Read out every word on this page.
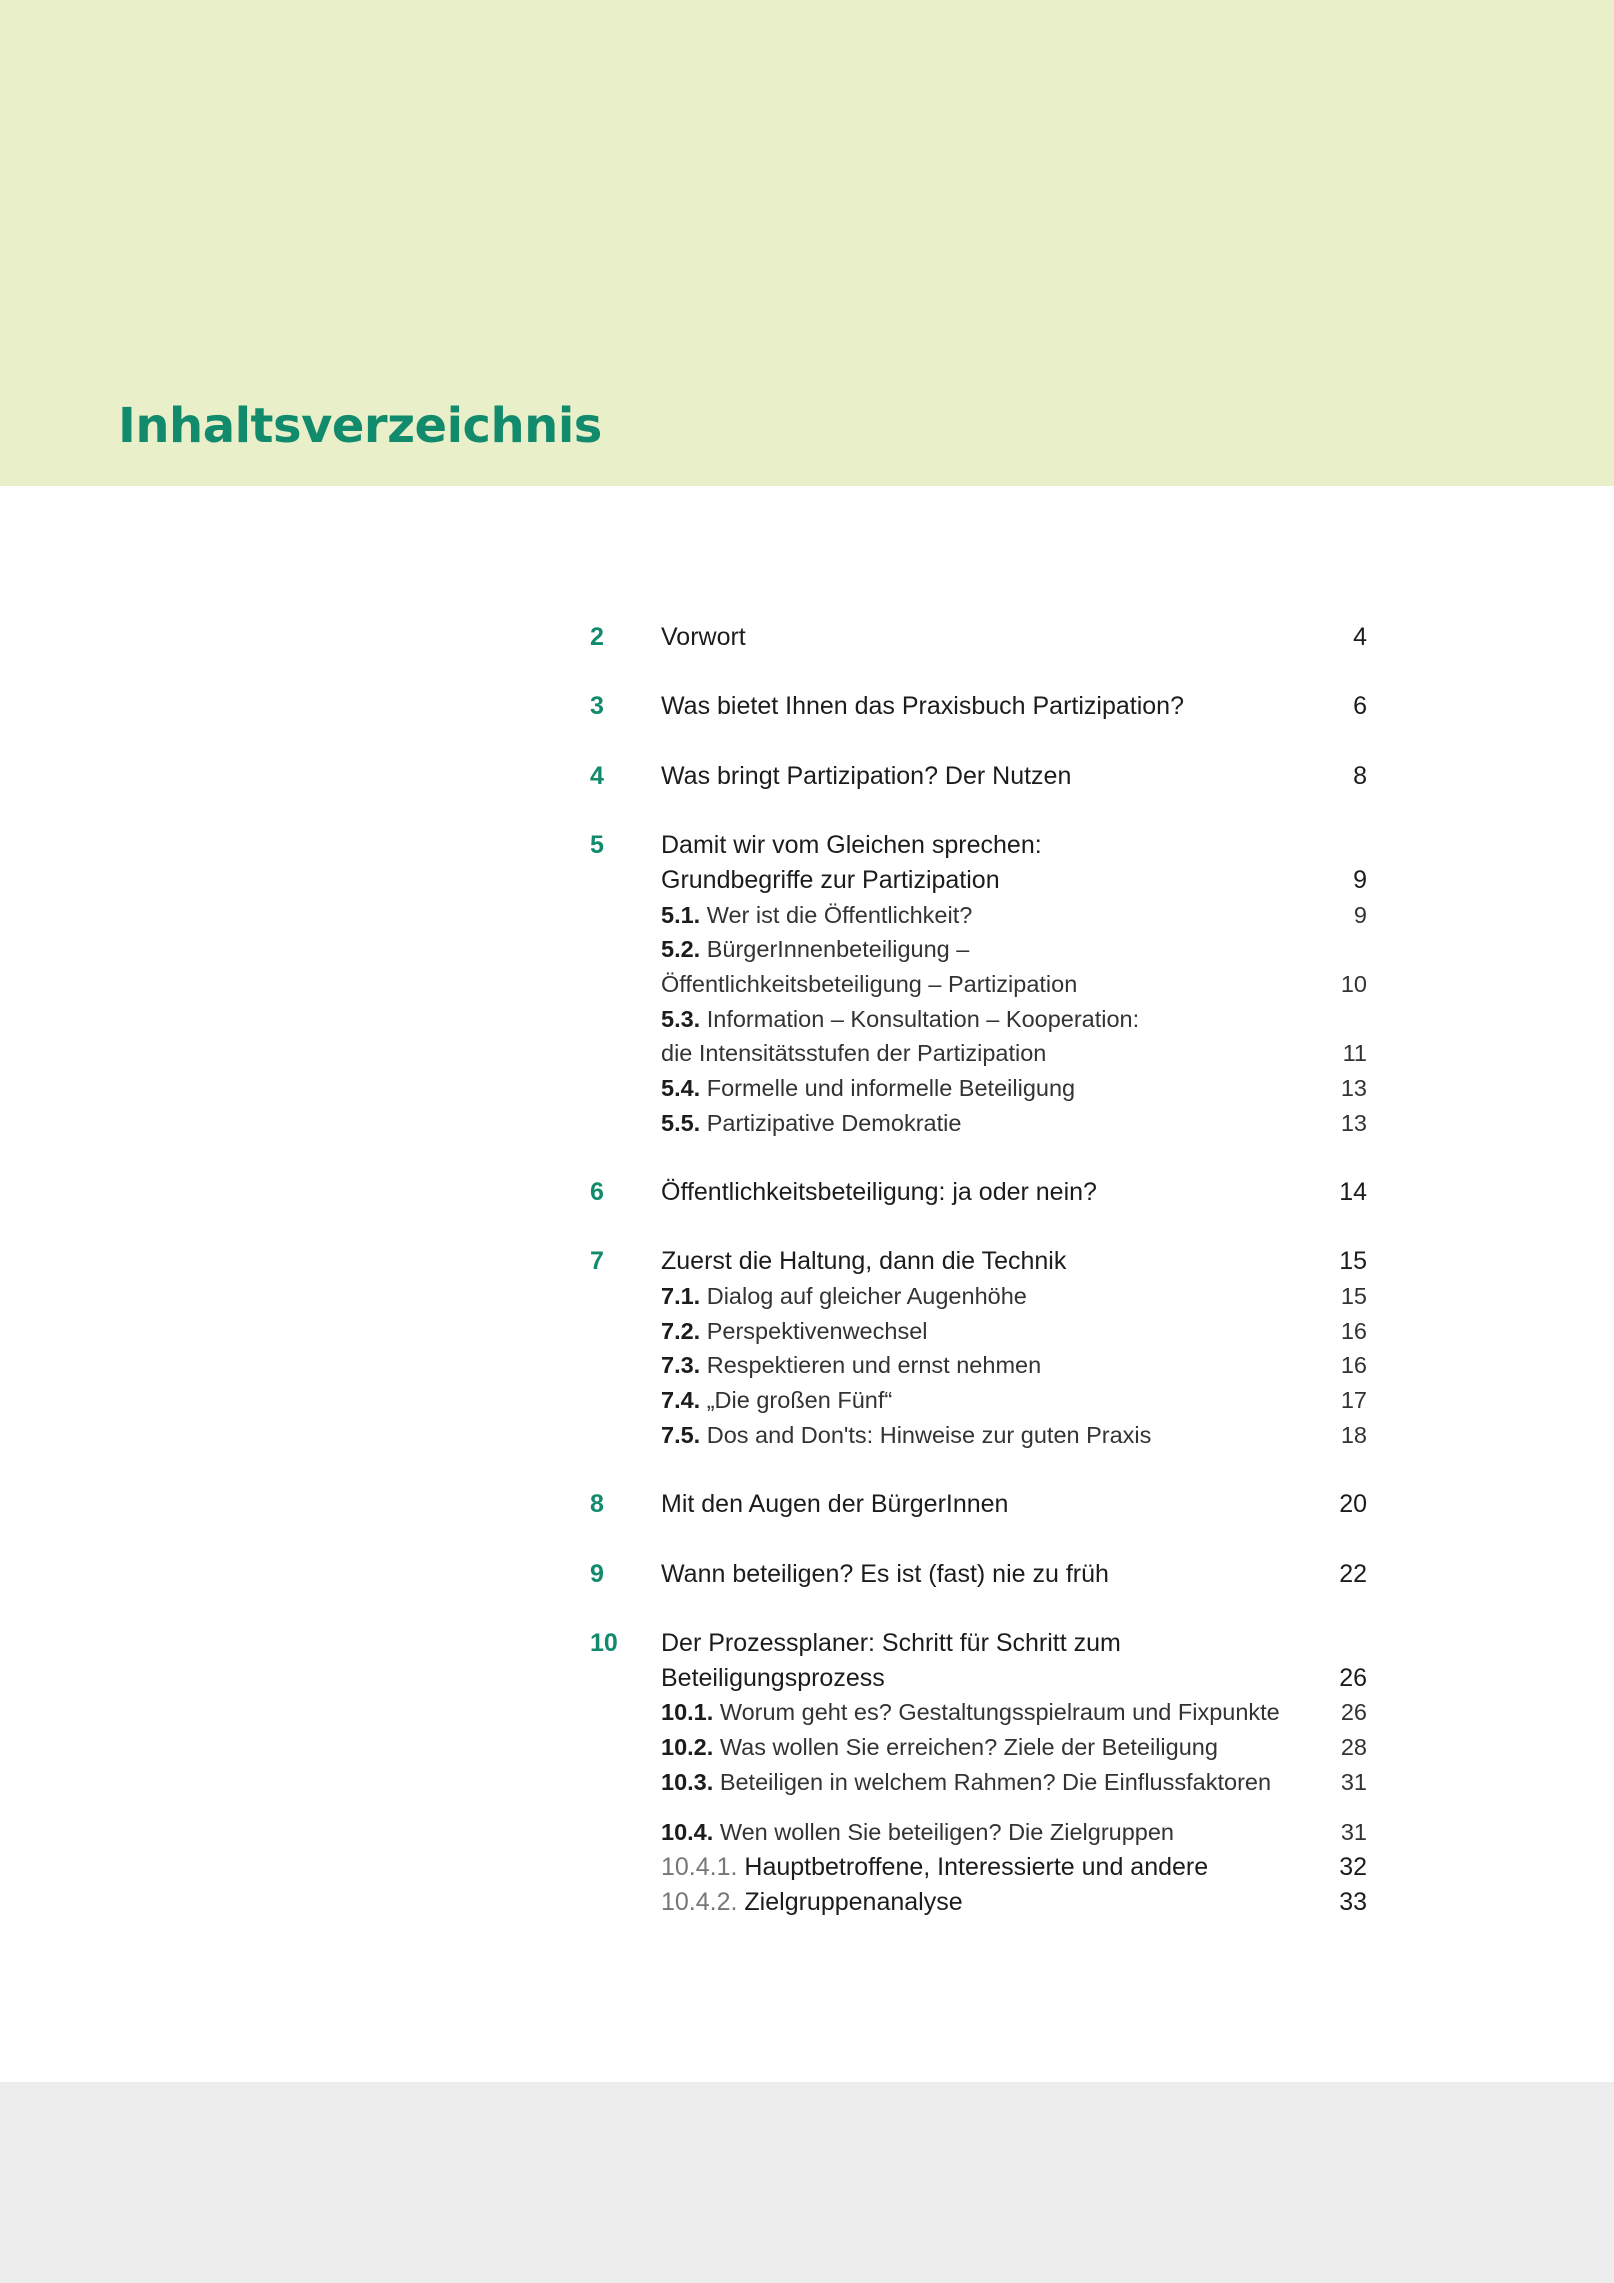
Inhaltsverzeichnis
2 Vorwort	4
3 Was bietet Ihnen das Praxisbuch Partizipation?	6
4 Was bringt Partizipation? Der Nutzen	8
5 Damit wir vom Gleichen sprechen:
Grundbegriffe zur Partizipation	9
5.1. Wer ist die Öffentlichkeit?	9
5.2. BürgerInnenbeteiligung –
Öffentlichkeitsbeteiligung – Partizipation	10
5.3. Information – Konsultation – Kooperation:
die Intensitätsstufen der Partizipation	11
5.4. Formelle und informelle Beteiligung	13
5.5. Partizipative Demokratie	13
6 Öffentlichkeitsbeteiligung: ja oder nein?	14
7 Zuerst die Haltung, dann die Technik	15
7.1. Dialog auf gleicher Augenhöhe	15
7.2. Perspektivenwechsel	16
7.3. Respektieren und ernst nehmen	16
7.4. „Die großen Fünf“	17
7.5. Dos and Don'ts: Hinweise zur guten Praxis	18
8 Mit den Augen der BürgerInnen	20
9 Wann beteiligen? Es ist (fast) nie zu früh	22
10 Der Prozessplaner: Schritt für Schritt zum
Beteiligungsprozess	26
10.1. Worum geht es? Gestaltungsspielraum und Fixpunkte	26
10.2. Was wollen Sie erreichen? Ziele der Beteiligung	28
10.3. Beteiligen in welchem Rahmen? Die Einflussfaktoren	31
10.4. Wen wollen Sie beteiligen? Die Zielgruppen	31
10.4.1. Hauptbetroffene, Interessierte und andere	32
10.4.2. Zielgruppenanalyse	33
